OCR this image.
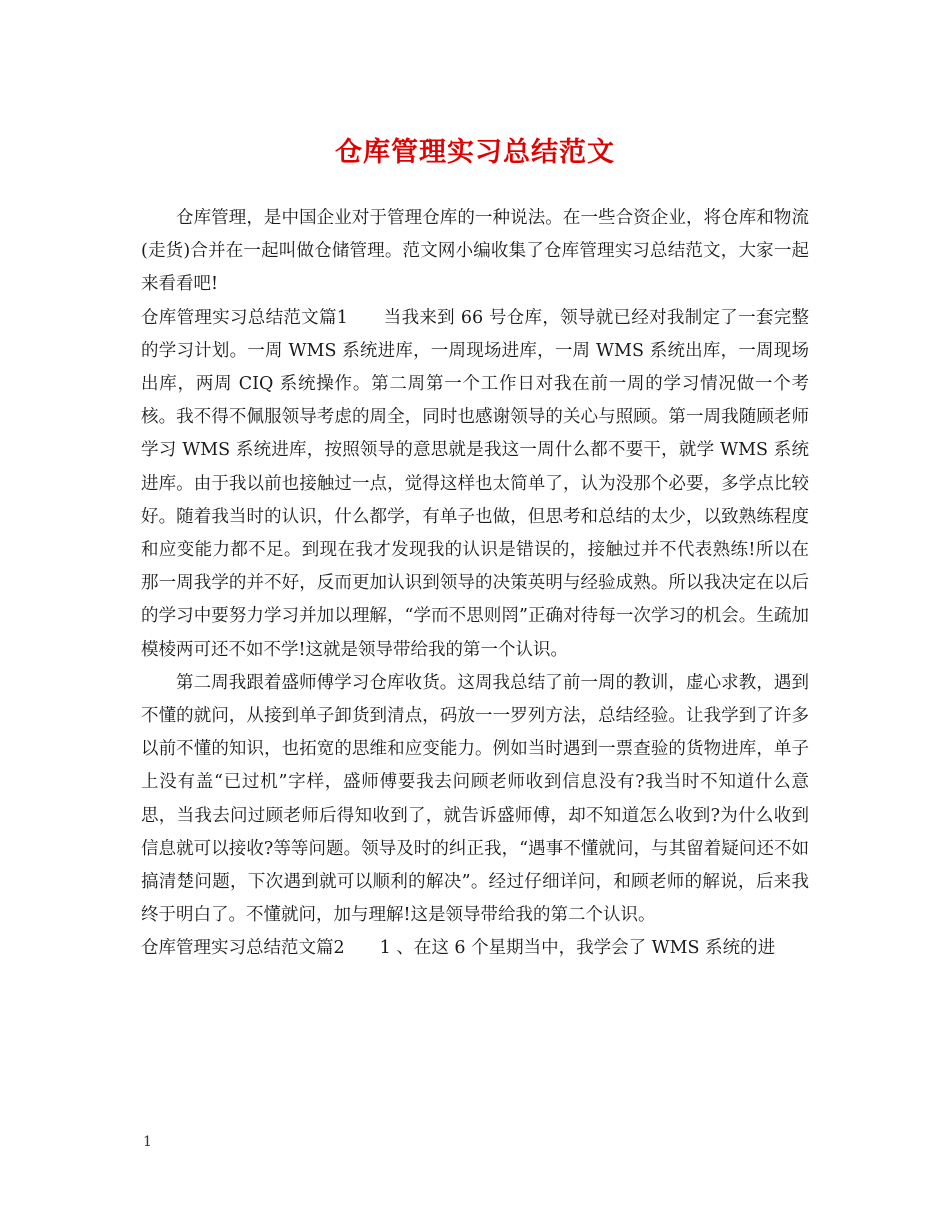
仓库管理实习总结范文

仓库管理，是中国企业对于管理仓库的一种说法。在一些合资企业，将仓库和物流(走货)合并在一起叫做仓储管理。范文网小编收集了仓库管理实习总结范文，大家一起来看看吧!

仓库管理实习总结范文篇1　　当我来到 66 号仓库，领导就已经对我制定了一套完整的学习计划。一周 WMS 系统进库，一周现场进库，一周 WMS 系统出库，一周现场出库，两周 CIQ 系统操作。第二周第一个工作日对我在前一周的学习情况做一个考核。我不得不佩服领导考虑的周全，同时也感谢领导的关心与照顾。第一周我随顾老师学习 WMS 系统进库，按照领导的意思就是我这一周什么都不要干，就学 WMS 系统进库。由于我以前也接触过一点，觉得这样也太简单了，认为没那个必要，多学点比较好。随着我当时的认识，什么都学，有单子也做，但思考和总结的太少，以致熟练程度和应变能力都不足。到现在我才发现我的认识是错误的，接触过并不代表熟练!所以在那一周我学的并不好，反而更加认识到领导的决策英明与经验成熟。所以我决定在以后的学习中要努力学习并加以理解，“学而不思则罔”正确对待每一次学习的机会。生疏加模棱两可还不如不学!这就是领导带给我的第一个认识。

第二周我跟着盛师傅学习仓库收货。这周我总结了前一周的教训，虚心求教，遇到不懂的就问，从接到单子卸货到清点，码放一一罗列方法，总结经验。让我学到了许多以前不懂的知识，也拓宽的思维和应变能力。例如当时遇到一票查验的货物进库，单子上没有盖“已过机”字样，盛师傅要我去问顾老师收到信息没有?我当时不知道什么意思，当我去问过顾老师后得知收到了，就告诉盛师傅，却不知道怎么收到?为什么收到信息就可以接收?等等问题。领导及时的纠正我，“遇事不懂就问，与其留着疑问还不如搞清楚问题，下次遇到就可以顺利的解决”。经过仔细详问，和顾老师的解说，后来我终于明白了。不懂就问，加与理解!这是领导带给我的第二个认识。

仓库管理实习总结范文篇2　　1 、在这 6 个星期当中，我学会了 WMS 系统的进

1
